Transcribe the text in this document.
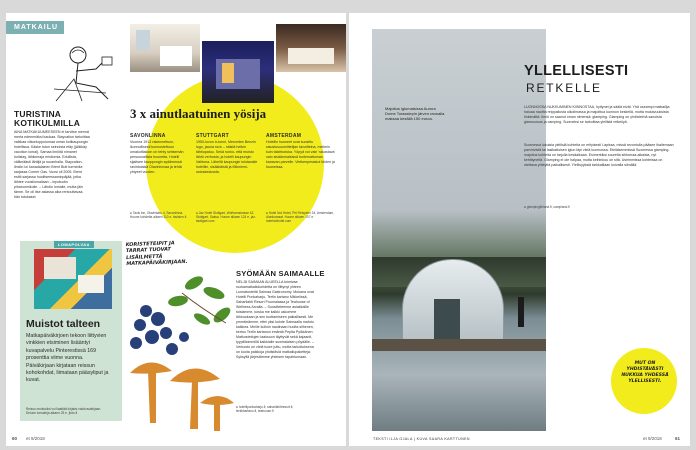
MATKAILU
TURISTINA KOTIKULMILLA
AINA MATKAKUUMEESEEN ei tarvitse mennä merta edemmäksi kaukaa. Staycation tarkoittaa valkkaa viikonloppulomaa oman kotikaupungin hotellissa. Käske tutun seinoista etäy (jälkikäy vacotion lomal). Samaa ilmiötä nimanet holistay, lähilomaja minilomia. Edullista, välikeäästi lähtijä ja ruuanhalla. Staycation-ilmiön loi kanadalainen Brent Butt turmedia sarjassa Corner Gas. Vuosi oli 2005. Brent esitti sarjassa huolitseessaminpäjää, jotka lähtee vuosilomallaan – lepotuolin pihanurmikolle. – Lähdin lomalle, mutta jäin tänne. Se oli itse asiassa aika rentouttavaa, hän totukasei.
LOMAPOLVAA
Muistot talteen
Matkapäiväkirjoen tekoon liittyvien vinkkien etsiminen lisääntyi kuvapalvelu Pinterestissä 169 prosenttia viime vuonna. Päiväkirjaan kirjataan reissun kohokohdat, liimataan pääsyliput ja kuvat.
Reissu muistoiksi voi liaattää kirjaksi valokuvakirjaan. Deluxe lomakirja alkaen 25 e. jfoto.fi
3 x ainutlaatuinen yösija
SAVONLINNA
Vuonna 1913 rakennettuun, lkunnollisesti kunnostettuun omakotitaloon on tehty seitsemän persoonallista huonetta. Hotelli sijaitsee kauppongin sydämessä ravintolaisä Olavinlinnaa ja tehtä yhtyeet vuoden.
● Tavis inn, Olavinkatu 4, Savonlinna. Huone kohdelta alkaen 110 e. tavisinn.fi
STUTTGART
1950-luvun tr-tonni, Mercedes Benzin logo, jaccia rock – näistä hetkin tähtiupatuu. Sekä runko- että muisto lähtö verhosta, ja hotelli kaupungin Vahtona. Lähellä kaupungin toistavalle hotelliin, sisäkkäistä ja Mikniemi-ostoskeskusta.
● Jaz Hotel Stuttgart, Wolframstrasse 42, Stuttgart, Saksa. Huone alkaen 124 e. jaz-stuttgart.com
AMSTERDAM
Hotellin huoneet ovat suosittu sisustusuunnittelijan tavoitteina, melkein kuin taidekotoka. Yöpyä voi vain 'rakastava' valo sisäänmaisissä tuntemattoman kanavan parvelle. Vietkenpesiakoi töiden ja huoneissa.
● Hotel Not Hotel, Piri Reisplein 34, Amsterdam, Alankomaat. Huone alkaen 107 e. hotelnothotel.com
KORISTETEIPIT JA TARRAT TUOVAT LISÄILMETTÄ MATKAPÄIVÄKIRJAAN.
SYÖMÄÄN SAIMAALLE
NELJÄ SAIMAAN ALUEELLA toimivaa ruokamatkailukohdetta on liittynyt yhteen Lunnatunteitä Saimaa Gastronomy. Mukana ovat Hotelli Punkaharju, Tertin kartano Mikkelissä, Saharilahti Resort Puumalassa ja Teahouse of Wellness Arvalta. – Suosittelemme asiakkaille toisiamme, koska me kaikki uskomme lähiruokaan ja sen tuottamiseen paikallisesti. Me ymmärrämme, ettei yksi kohde Saimaalla mahdu kaikkea. Meille kulloin nautinaan huolta siihenen, kertoo Tertin kartanon emäntä Pepita Pylkkänen. Matkustettujen laaksoon täyttyvät sekä kajaanit, tyypillisimmillä kaikkialle suomalaisen pöydälle. – Verkosto on vielä tuore juttu, mutta tarkoituksena on koota paikkoja yhdistäviä matkailupaketteja. Syksyllä järjestämme yhteisen tapahtumaan.
● hotellipunkaharju.fi, saharilahtiresort.fi, tertinkartano.fi, teahouse.fi
60 et 9/2018
Majoitus iglumaisissa Aurora Dome Torassiepin järven rannalla maksaa kesällä 150 euroa.
YLLELLISESTI
RETKELLE
LUONNOSSA NUKKUMINEN KIINNOSTAA, hyttynet ja säälä eivät. Yhä useampi matkailija haluaa nauttia reippailusta ulkoilmassa ja majoittua luonnon keskellä, mutta mukavuuksista tinkimättä. Ilmiö on saanut oman nimensä: glamping. Glamping on yhdistelmä sanoista glamourous ja camping. Suomeksi se tarkoittaa ylellistä retkeilyä.
Suomessa lukuisia ylellisiä kohteita on erityisesti Lapissa, missä revontulia pääsee ihailemaan parvirivistä tai lasikattoisen iglun läpi vielä luonnossa. Eteläisemmissä Suomessa glamping-majoitus kohteita on tarjolla kesäaikaan. Esimerkiksi suurelta siirtomaa-aikaisia, nyt kehittyneitä. Glamping ei ole halpaa, mutta keihinkuu on sitä. Useimmissa kohteissa on otettava yhteyttä paikallisesti. Ylellisyyksiä tarkkaillaan kuivalla silmällä.
● glampingfinland.fi, campland.fi
MUT ON YHDISTÄVÄSTI NUKKUA YHDESSÄ YLELLISESTI.
TEKSTI ILJA OJALA | KUVA SAARA KARTTUNEN	et 9/2018	61
